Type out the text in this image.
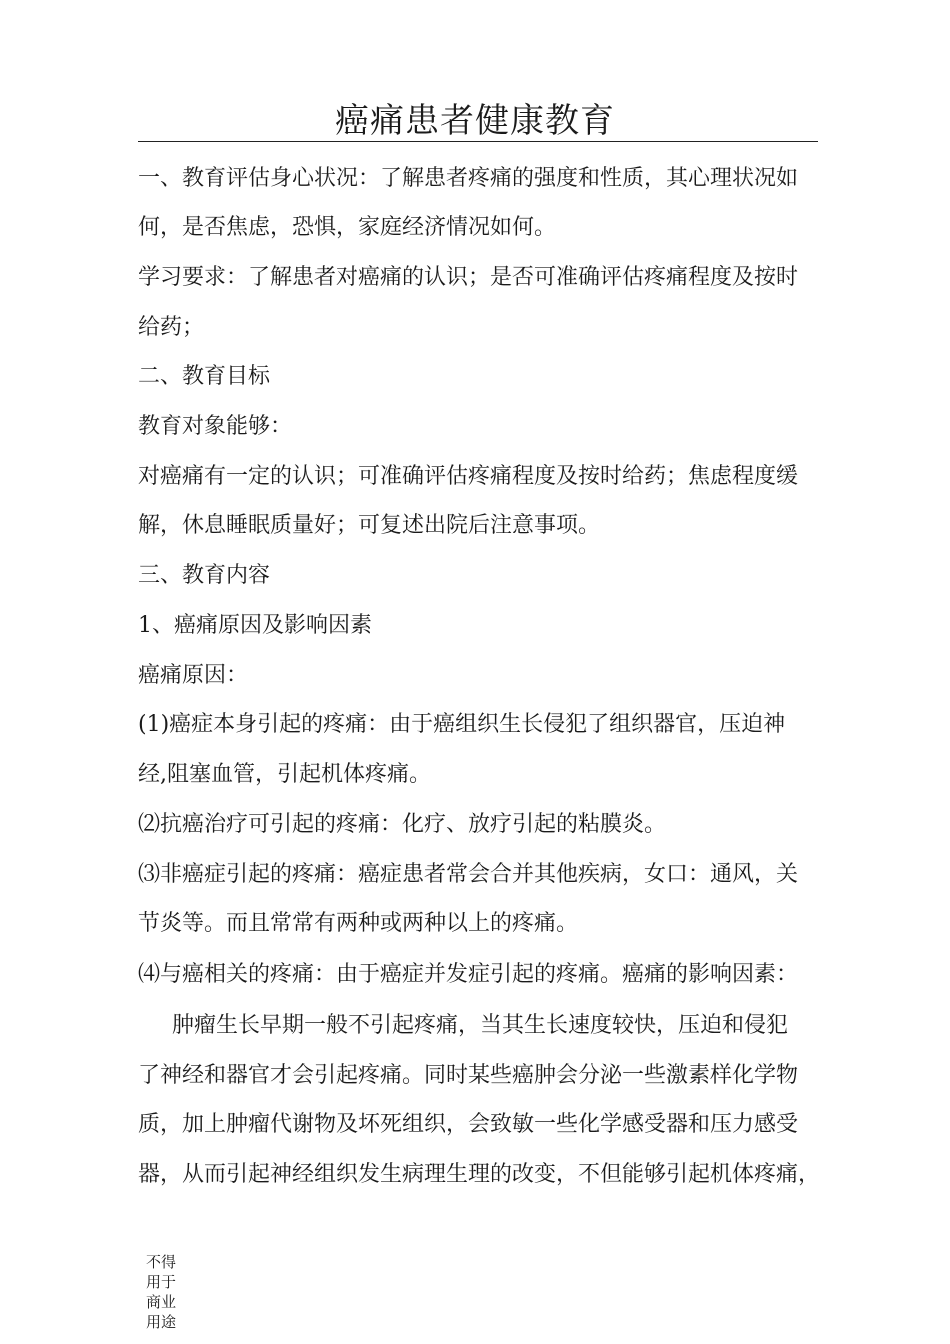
癌痛患者健康教育
一、教育评估身心状况：了解患者疼痛的强度和性质，其心理状况如
何，是否焦虑，恐惧，家庭经济情况如何。
学习要求：了解患者对癌痛的认识；是否可准确评估疼痛程度及按时
给药；
二、教育目标
教育对象能够：
对癌痛有一定的认识；可准确评估疼痛程度及按时给药；焦虑程度缓
解，休息睡眠质量好；可复述出院后注意事项。
三、教育内容
1、癌痛原因及影响因素
癌痛原因：
(1)癌症本身引起的疼痛：由于癌组织生长侵犯了组织器官，压迫神
经,阻塞血管，引起机体疼痛。
⑵抗癌治疗可引起的疼痛：化疗、放疗引起的粘膜炎。
⑶非癌症引起的疼痛：癌症患者常会合并其他疾病，女口：通风，关
节炎等。而且常常有两种或两种以上的疼痛。
⑷与癌相关的疼痛：由于癌症并发症引起的疼痛。癌痛的影响因素：
肿瘤生长早期一般不引起疼痛，当其生长速度较快，压迫和侵犯
了神经和器官才会引起疼痛。同时某些癌肿会分泌一些激素样化学物
质，加上肿瘤代谢物及坏死组织，会致敏一些化学感受器和压力感受
器，从而引起神经组织发生病理生理的改变，不但能够引起机体疼痛，
不得
用于
商业
用途
